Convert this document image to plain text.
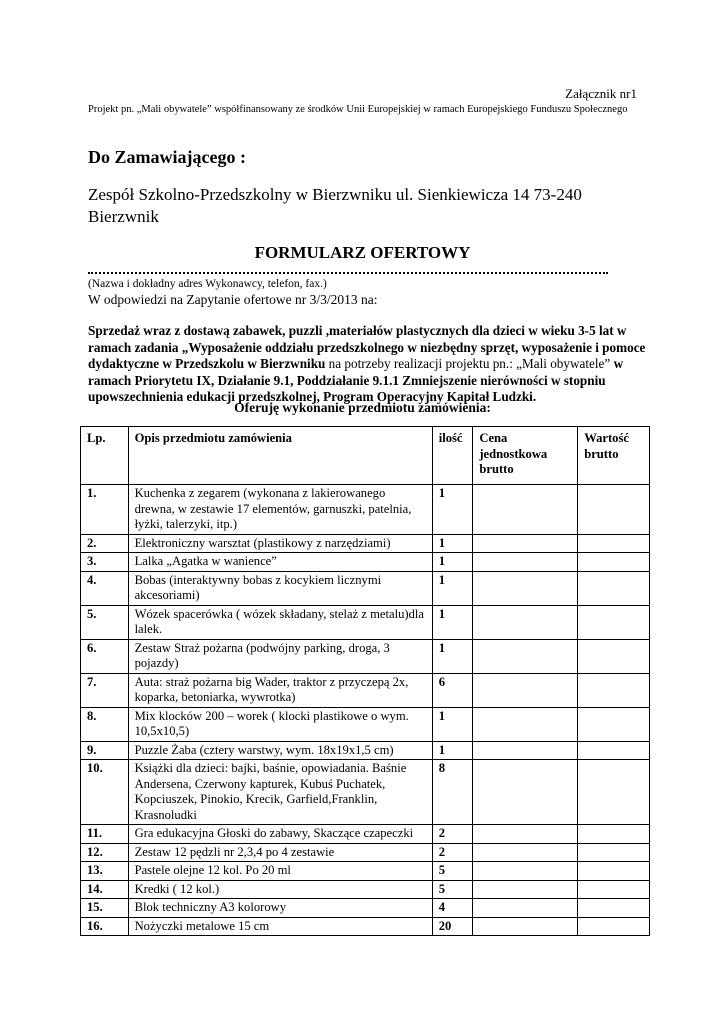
Załącznik nr1
Projekt pn. „Mali obywatele” współfinansowany ze środków Unii Europejskiej w ramach Europejskiego Funduszu Społecznego
Do Zamawiającego :
Zespół Szkolno-Przedszkolny w Bierzwniku ul. Sienkiewicza 14 73-240 Bierzwnik
FORMULARZ OFERTOWY
(Nazwa i dokładny adres Wykonawcy, telefon, fax.)
W odpowiedzi na Zapytanie ofertowe nr 3/3/2013 na:
Sprzedaż wraz z dostawą zabawek, puzzli ,materiałów plastycznych dla dzieci w wieku 3-5 lat w ramach zadania „Wyposażenie oddziału przedszkolnego w niezbędny sprzęt, wyposażenie i pomoce dydaktyczne w Przedszkolu w Bierzwniku na potrzeby realizacji projektu pn.: „Mali obywatele” w ramach Priorytetu IX, Działanie 9.1, Poddziałanie 9.1.1 Zmniejszenie nierówności w stopniu upowszechnienia edukacji przedszkolnej, Program Operacyjny Kapitał Ludzki.
Oferuję wykonanie przedmiotu zamówienia:
Lp.	Opis przedmiotu zamówienia	ilość	Cena jednostkowa brutto	Wartość brutto
1.	Kuchenka z zegarem (wykonana z lakierowanego drewna, w zestawie 17 elementów, garnuszki, patelnia, łyżki, talerzyki, itp.)	1		
2.	Elektroniczny warsztat (plastikowy z narzędziami)	1		
3.	Lalka „Agatka w wanience”	1		
4.	Bobas (interaktywny bobas z kocykiem licznymi akcesoriami)	1		
5.	Wózek spacerówka ( wózek składany, stelaż z metalu)dla lalek.	1		
6.	Zestaw Straż pożarna (podwójny parking, droga, 3 pojazdy)	1		
7.	Auta: straż pożarna big Wader, traktor z przyczepą 2x, koparka, betoniarka, wywrotka)	6		
8.	Mix klocków 200 – worek ( klocki plastikowe o wym. 10,5x10,5)	1		
9.	Puzzle Żaba (cztery warstwy, wym. 18x19x1,5 cm)	1		
10.	Książki dla dzieci: bajki, baśnie, opowiadania. Baśnie Andersena, Czerwony kapturek, Kubuś Puchatek, Kopciuszek, Pinokio, Krecik, Garfield,Franklin, Krasnoludki	8		
11.	Gra edukacyjna Głoski do zabawy, Skaczące czapeczki	2		
12.	Zestaw 12 pędzli nr 2,3,4 po 4 zestawie	2		
13.	Pastele olejne 12 kol. Po 20 ml	5		
14.	Kredki ( 12 kol.)	5		
15.	Blok techniczny A3 kolorowy	4		
16.	Nożyczki metalowe 15 cm	20		
